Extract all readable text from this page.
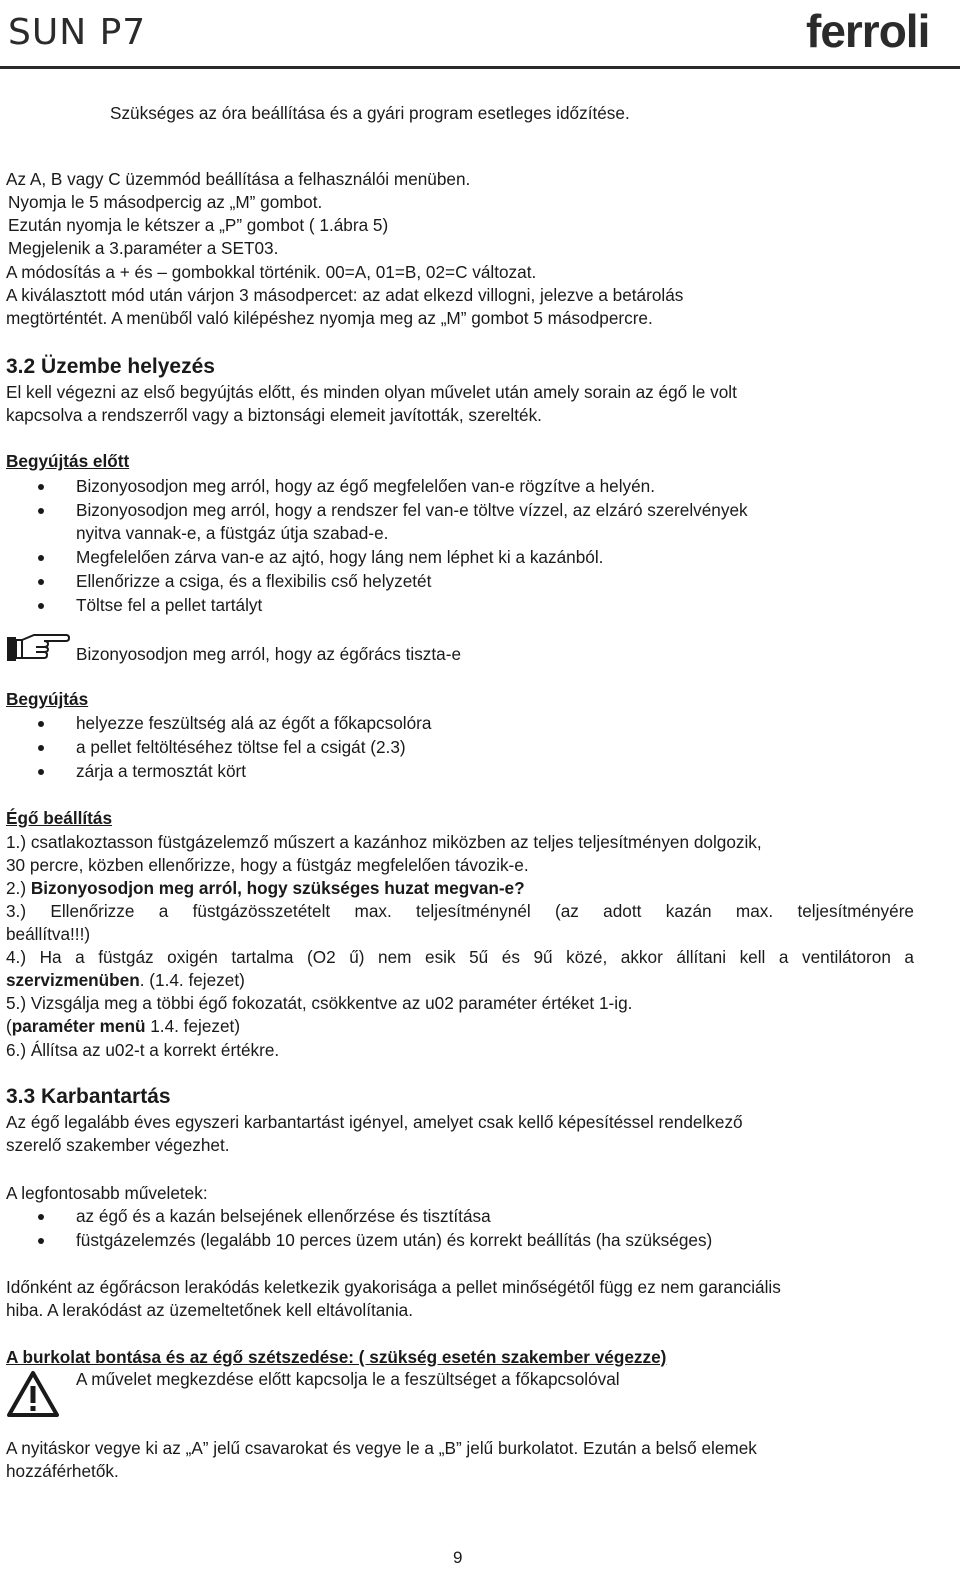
SUN P7	ferroli
Szükséges az óra beállítása és a gyári program esetleges időzítése.
Az A, B vagy C üzemmód beállítása a felhasználói menüben.
Nyomja le 5 másodpercig az „M” gombot.
Ezután nyomja le kétszer a „P” gombot ( 1.ábra 5)
Megjelenik a 3.paraméter a SET03.
A módosítás a + és – gombokkal történik. 00=A, 01=B, 02=C változat.
A kiválasztott mód után várjon 3 másodpercet: az adat elkezd villogni, jelezve a betárolás
megtörténtét. A menüből való kilépéshez nyomja meg az „M” gombot 5 másodpercre.
3.2 Üzembe helyezés
El kell végezni az első begyújtás előtt, és minden olyan művelet után amely sorain az égő le volt
kapcsolva a rendszerről vagy a biztonsági elemeit javították, szerelték.
Begyújtás előtt
Bizonyosodjon meg arról, hogy az égő megfelelően van-e rögzítve a helyén.
Bizonyosodjon meg arról, hogy a rendszer fel van-e töltve vízzel, az elzáró szerelvények
nyitva vannak-e, a füstgáz útja szabad-e.
Megfelelően zárva van-e az ajtó, hogy láng nem léphet ki a kazánból.
Ellenőrizze a csiga, és a flexibilis cső helyzetét
Töltse fel a pellet tartályt
Bizonyosodjon meg arról, hogy az égőrács tiszta-e
Begyújtás
helyezze feszültség alá az égőt a főkapcsolóra
a pellet feltöltéséhez töltse fel a csigát (2.3)
zárja a termosztát kört
Égő beállítás
1.) csatlakoztasson füstgázelemző műszert a kazánhoz miközben az teljes teljesítményen dolgozik,
30 percre, közben ellenőrizze, hogy a füstgáz megfelelően távozik-e.
2.) Bizonyosodjon meg arról, hogy szükséges huzat megvan-e?
3.) Ellenőrizze a füstgázösszetételt max. teljesítménynél (az adott kazán max. teljesítményére
beállítva!!!)
4.) Ha a füstgáz oxigén tartalma (O2 ű) nem esik 5ű és 9ű közé, akkor állítani kell a ventilátoron a
szervizmenüben. (1.4. fejezet)
5.) Vizsgálja meg a többi égő fokozatát, csökkentve az u02 paraméter értéket 1-ig.
(paraméter menü 1.4. fejezet)
6.) Állítsa az u02-t a korrekt értékre.
3.3 Karbantartás
Az égő legalább éves egyszeri karbantartást igényel, amelyet csak kellő képesítéssel rendelkező
szerelő szakember végezhet.
A legfontosabb műveletek:
az égő és a kazán belsejének ellenőrzése és tisztítása
füstgázelemzés (legalább 10 perces üzem után) és korrekt beállítás (ha szükséges)
Időnként az égőrácson lerakódás keletkezik gyakorisága a pellet minőségétől függ ez nem garanciális
hiba. A lerakódást az üzemeltetőnek kell eltávolítania.
A burkolat bontása és az égő szétszedése: ( szükség esetén szakember végezze)
A művelet megkezdése előtt kapcsolja le a feszültséget a főkapcsolóval
A nyitáskor vegye ki az „A” jelű csavarokat és vegye le a „B” jelű burkolatot. Ezután a belső elemek
hozzáférhetők.
9
